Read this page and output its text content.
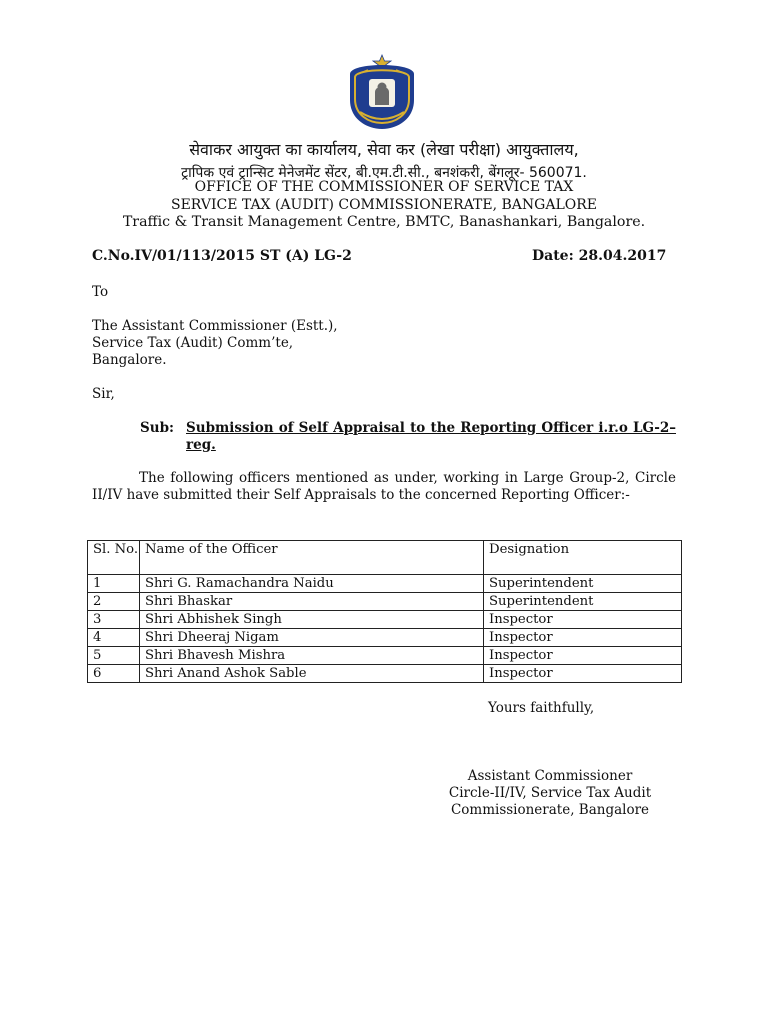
सेवाकर आयुक्त का कार्यालय, सेवा कर (लेखा परीक्षा) आयुक्तालय,
ट्रापिक एवं ट्रान्सिट मेनेजमेंट सेंटर, बी.एम.टी.सी., बनशंकरी, बेंगलूर- 560071.
OFFICE OF THE COMMISSIONER OF SERVICE TAX
SERVICE TAX (AUDIT) COMMISSIONERATE, BANGALORE
Traffic & Transit Management Centre, BMTC, Banashankari, Bangalore.
C.No.IV/01/113/2015 ST (A) LG-2	Date: 28.04.2017
To
The Assistant Commissioner (Estt.),
Service Tax (Audit) Comm’te,
Bangalore.
Sir,
Sub: Submission of Self Appraisal to the Reporting Officer i.r.o LG-2– reg.
The following officers mentioned as under, working in Large Group-2, Circle II/IV have submitted their Self Appraisals to the concerned Reporting Officer:-
Sl. No.	Name of the Officer	Designation
1	Shri G. Ramachandra Naidu	Superintendent
2	Shri Bhaskar	Superintendent
3	Shri Abhishek Singh	Inspector
4	Shri Dheeraj Nigam	Inspector
5	Shri Bhavesh Mishra	Inspector
6	Shri Anand Ashok Sable	Inspector
Yours faithfully,
Assistant Commissioner
Circle-II/IV, Service Tax Audit
Commissionerate, Bangalore
